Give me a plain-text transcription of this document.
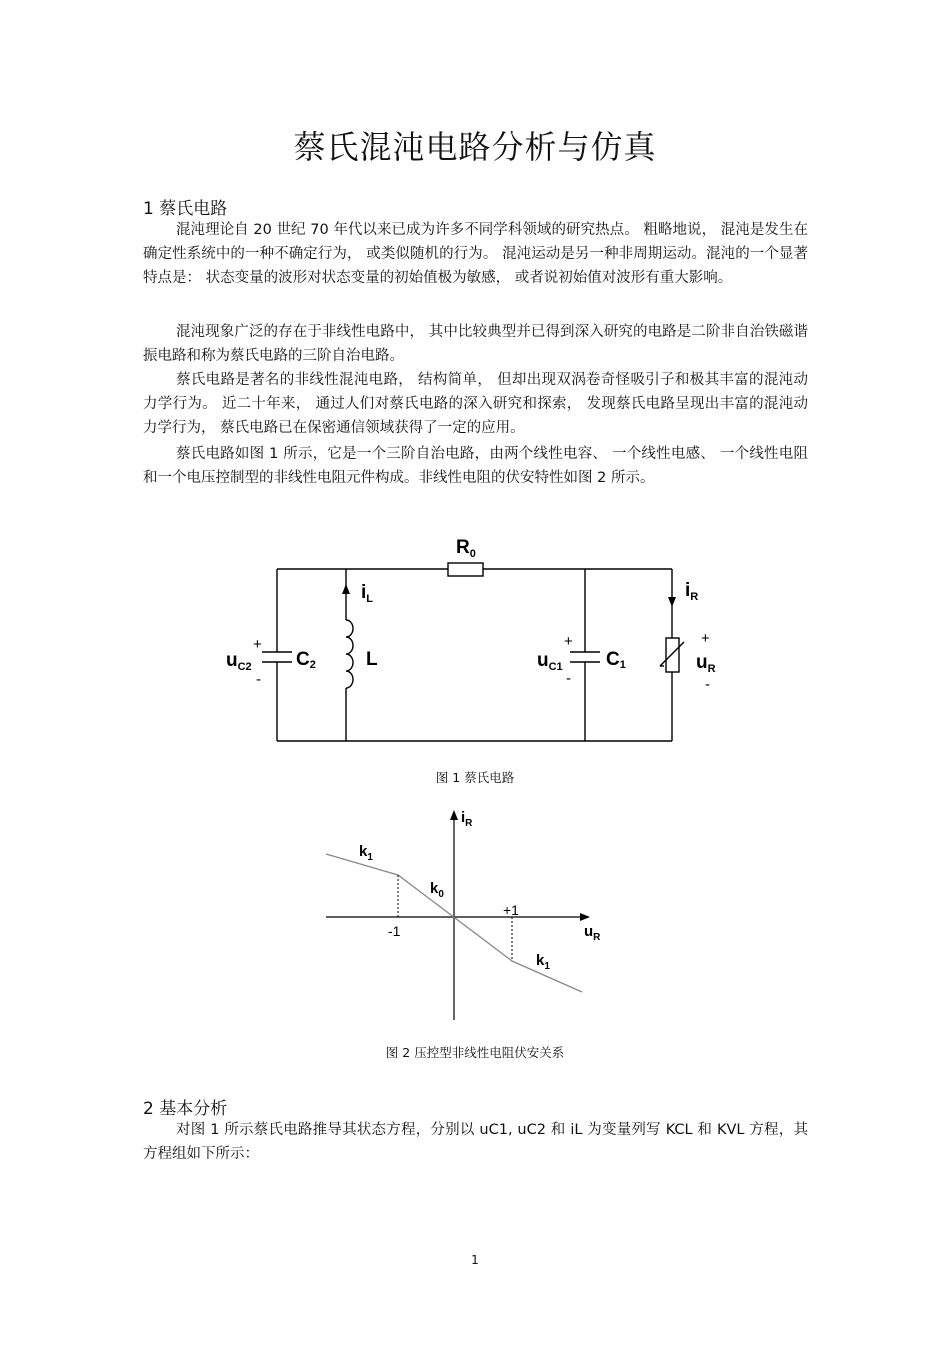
蔡氏混沌电路分析与仿真
1 蔡氏电路
混沌理论自 20 世纪 70 年代以来已成为许多不同学科领域的研究热点。 粗略地说， 混沌是发生在确定性系统中的一种不确定行为， 或类似随机的行为。 混沌运动是另一种非周期运动。混沌的一个显著特点是： 状态变量的波形对状态变量的初始值极为敏感， 或者说初始值对波形有重大影响。
混沌现象广泛的存在于非线性电路中， 其中比较典型并已得到深入研究的电路是二阶非自治铁磁谐振电路和称为蔡氏电路的三阶自治电路。
蔡氏电路是著名的非线性混沌电路， 结构简单， 但却出现双涡卷奇怪吸引子和极其丰富的混沌动力学行为。 近二十年来， 通过人们对蔡氏电路的深入研究和探索， 发现蔡氏电路呈现出丰富的混沌动力学行为， 蔡氏电路已在保密通信领域获得了一定的应用。
蔡氏电路如图 1 所示，它是一个三阶自治电路，由两个线性电容、 一个线性电感、 一个线性电阻和一个电压控制型的非线性电阻元件构成。非线性电阻的伏安特性如图 2 所示。
$R_0$
$i_L$	$i_R$
C2
$u_{C2}$
+
-
L	C1
$u_{C1}$
+
-
$u_R$
+
-
图 1 蔡氏电路
$i_R$
$u_R$
$k_1$
$k_0$
$k_1$
-1
+1
图 2 压控型非线性电阻伏安关系
2 基本分析
对图 1 所示蔡氏电路推导其状态方程，分别以 uC1, uC2 和 iL 为变量列写 KCL 和 KVL 方程，其方程组如下所示：
1
